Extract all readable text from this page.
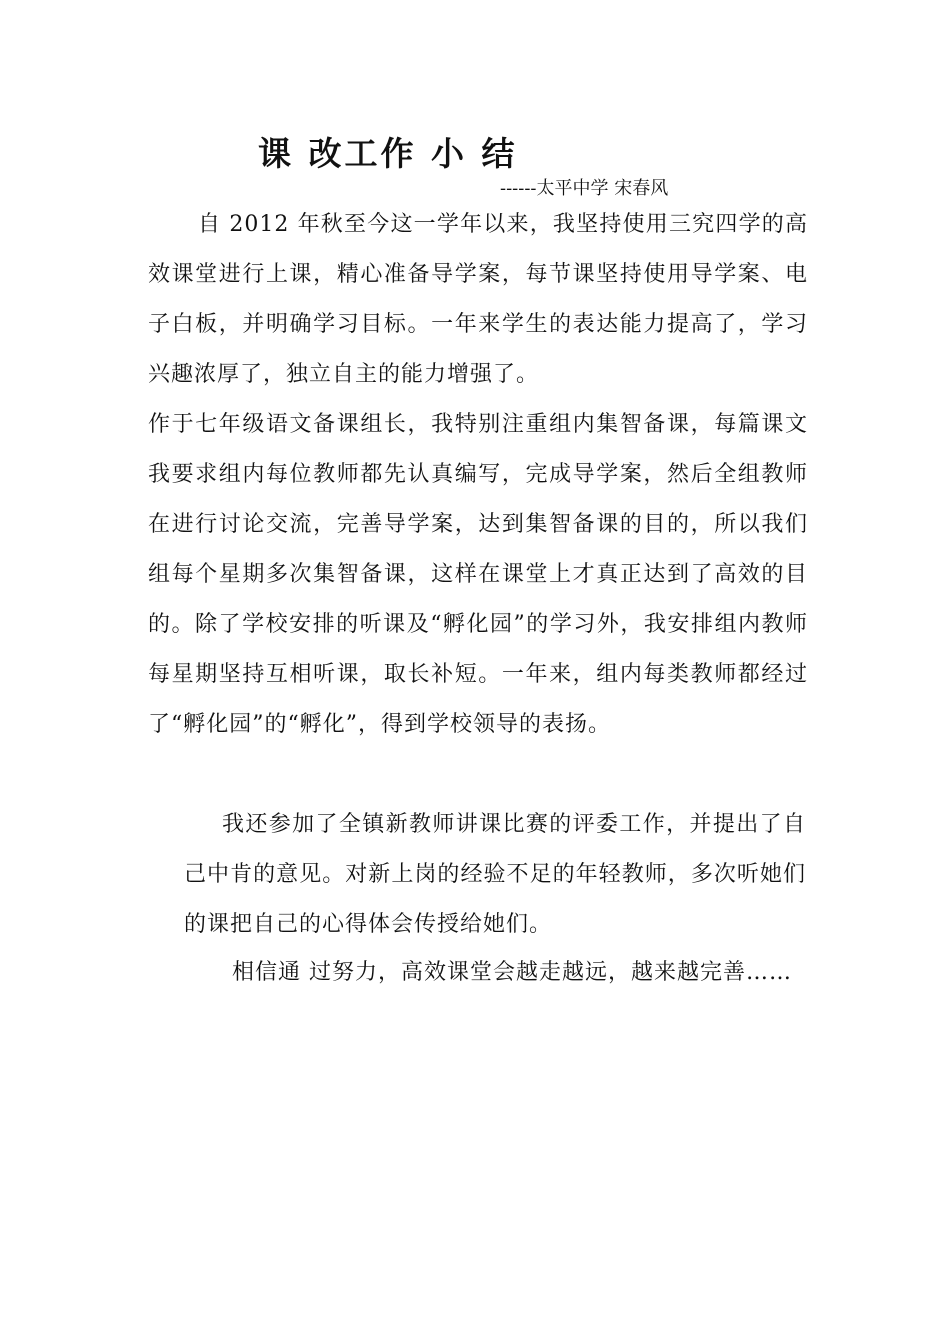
课 改工作 小 结
------太平中学 宋春风

自 2012 年秋至今这一学年以来，我坚持使用三究四学的高效课堂进行上课，精心准备导学案，每节课坚持使用导学案、电子白板，并明确学习目标。一年来学生的表达能力提高了，学习兴趣浓厚了，独立自主的能力增强了。

作于七年级语文备课组长，我特别注重组内集智备课，每篇课文我要求组内每位教师都先认真编写，完成导学案，然后全组教师在进行讨论交流，完善导学案，达到集智备课的目的，所以我们组每个星期多次集智备课，这样在课堂上才真正达到了高效的目的。除了学校安排的听课及“孵化园”的学习外，我安排组内教师每星期坚持互相听课，取长补短。一年来，组内每类教师都经过了“孵化园”的“孵化”，得到学校领导的表扬。

我还参加了全镇新教师讲课比赛的评委工作，并提出了自己中肯的意见。对新上岗的经验不足的年轻教师，多次听她们的课把自己的心得体会传授给她们。

相信通 过努力，高效课堂会越走越远，越来越完善……
